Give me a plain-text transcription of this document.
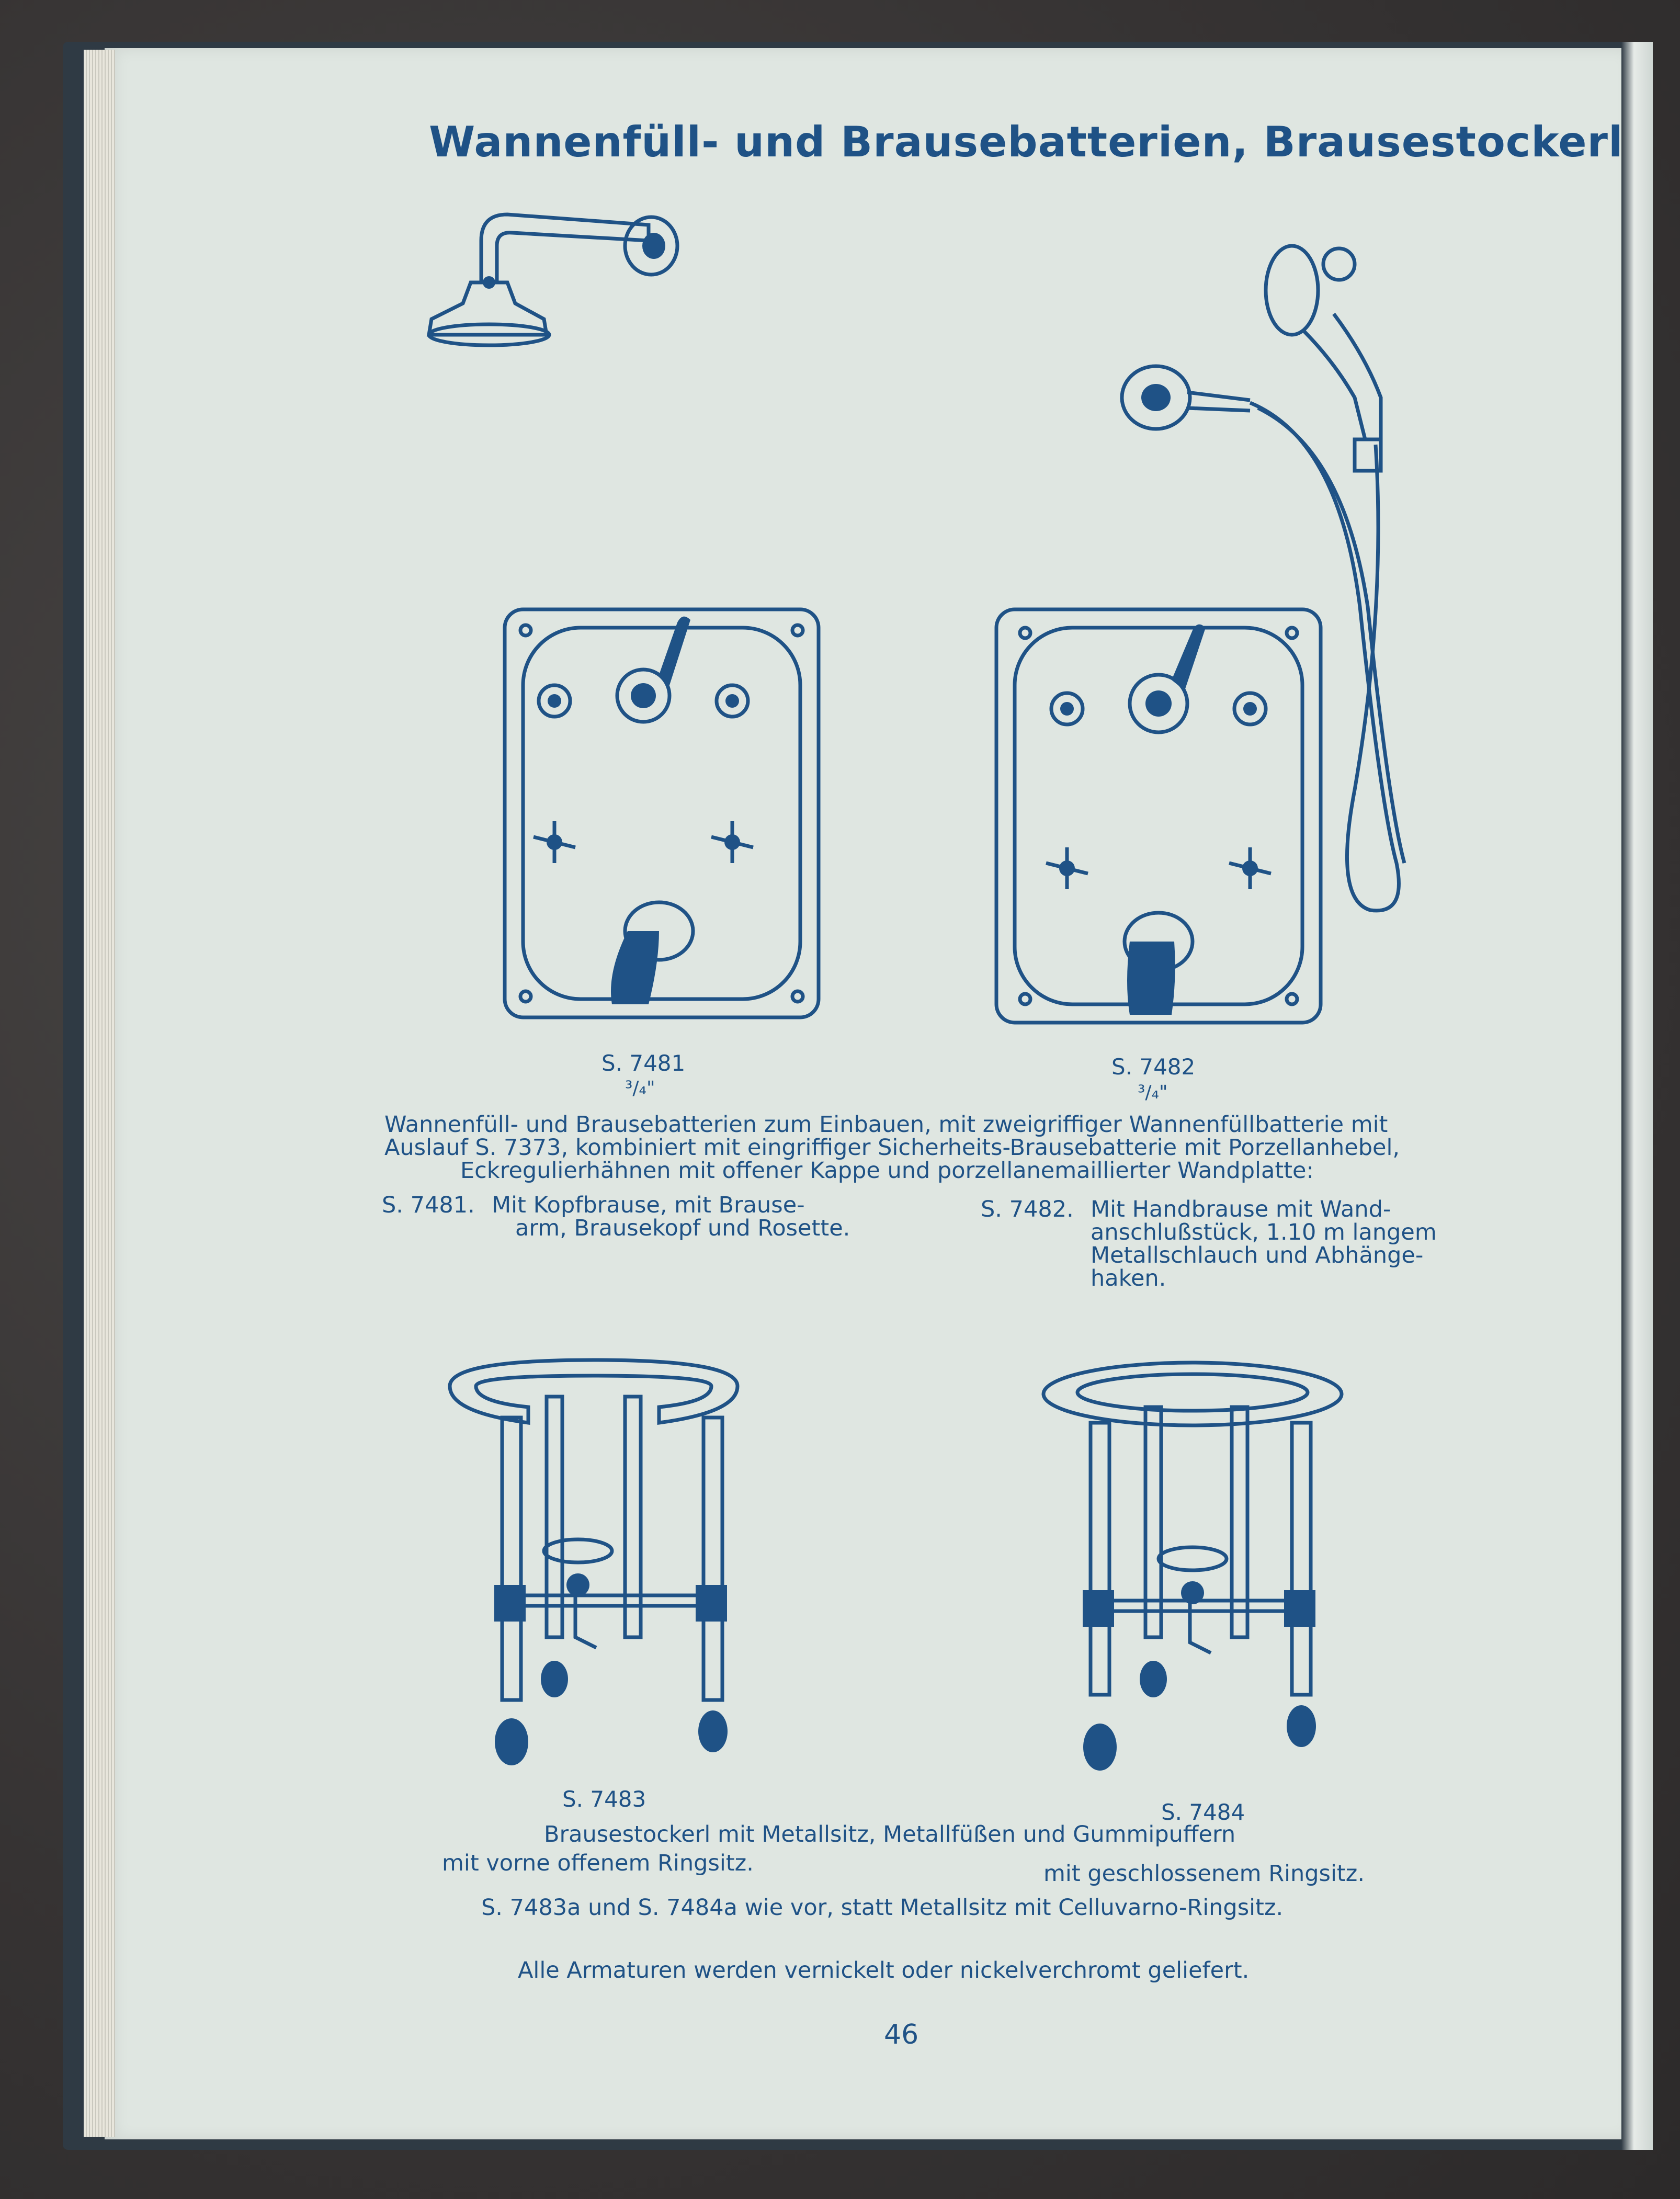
Wannenfüll- und Brausebatterien, Brausestockerl

S. 7481

³/₄"

S. 7482

³/₄"

Wannenfüll- und Brausebatterien zum Einbauen, mit zweigriffiger Wannenfüllbatterie mit

Auslauf S. 7373, kombiniert mit eingriffiger Sicherheits-Brausebatterie mit Porzellanhebel,

Eckregulierhähnen mit offener Kappe und porzellanemaillierter Wandplatte:

S. 7481. Mit Kopfbrause, mit Brause-

arm, Brausekopf und Rosette.

S. 7482. Mit Handbrause mit Wand-

anschlußstück, 1.10 m langem

Metallschlauch und Abhänge-

haken.

S. 7483

S. 7484

Brausestockerl mit Metallsitz, Metallfüßen und Gummipuffern

mit vorne offenem Ringsitz.	mit geschlossenem Ringsitz.

S. 7483a und S. 7484a wie vor, statt Metallsitz mit Celluvarno-Ringsitz.

Alle Armaturen werden vernickelt oder nickelverchromt geliefert.

46
